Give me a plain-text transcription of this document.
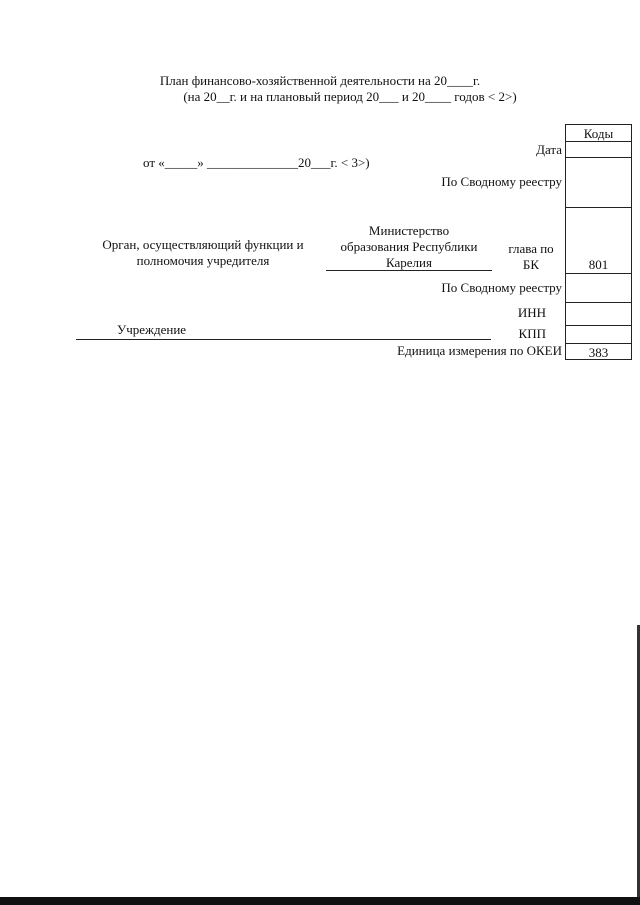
План финансово-хозяйственной деятельности на 20____г.
(на 20__г. и на плановый период 20___ и 20____ годов < 2>)
от «_____» ______________20___г. < 3>)
Дата
По Сводному реестру
Орган, осуществляющий функции и
полномочия учредителя
Министерство
образования Республики
Карелия
глава по
БК
По Сводному реестру
ИНН
Учреждение	КПП
Единица измерения по ОКЕИ
Коды
801
383
